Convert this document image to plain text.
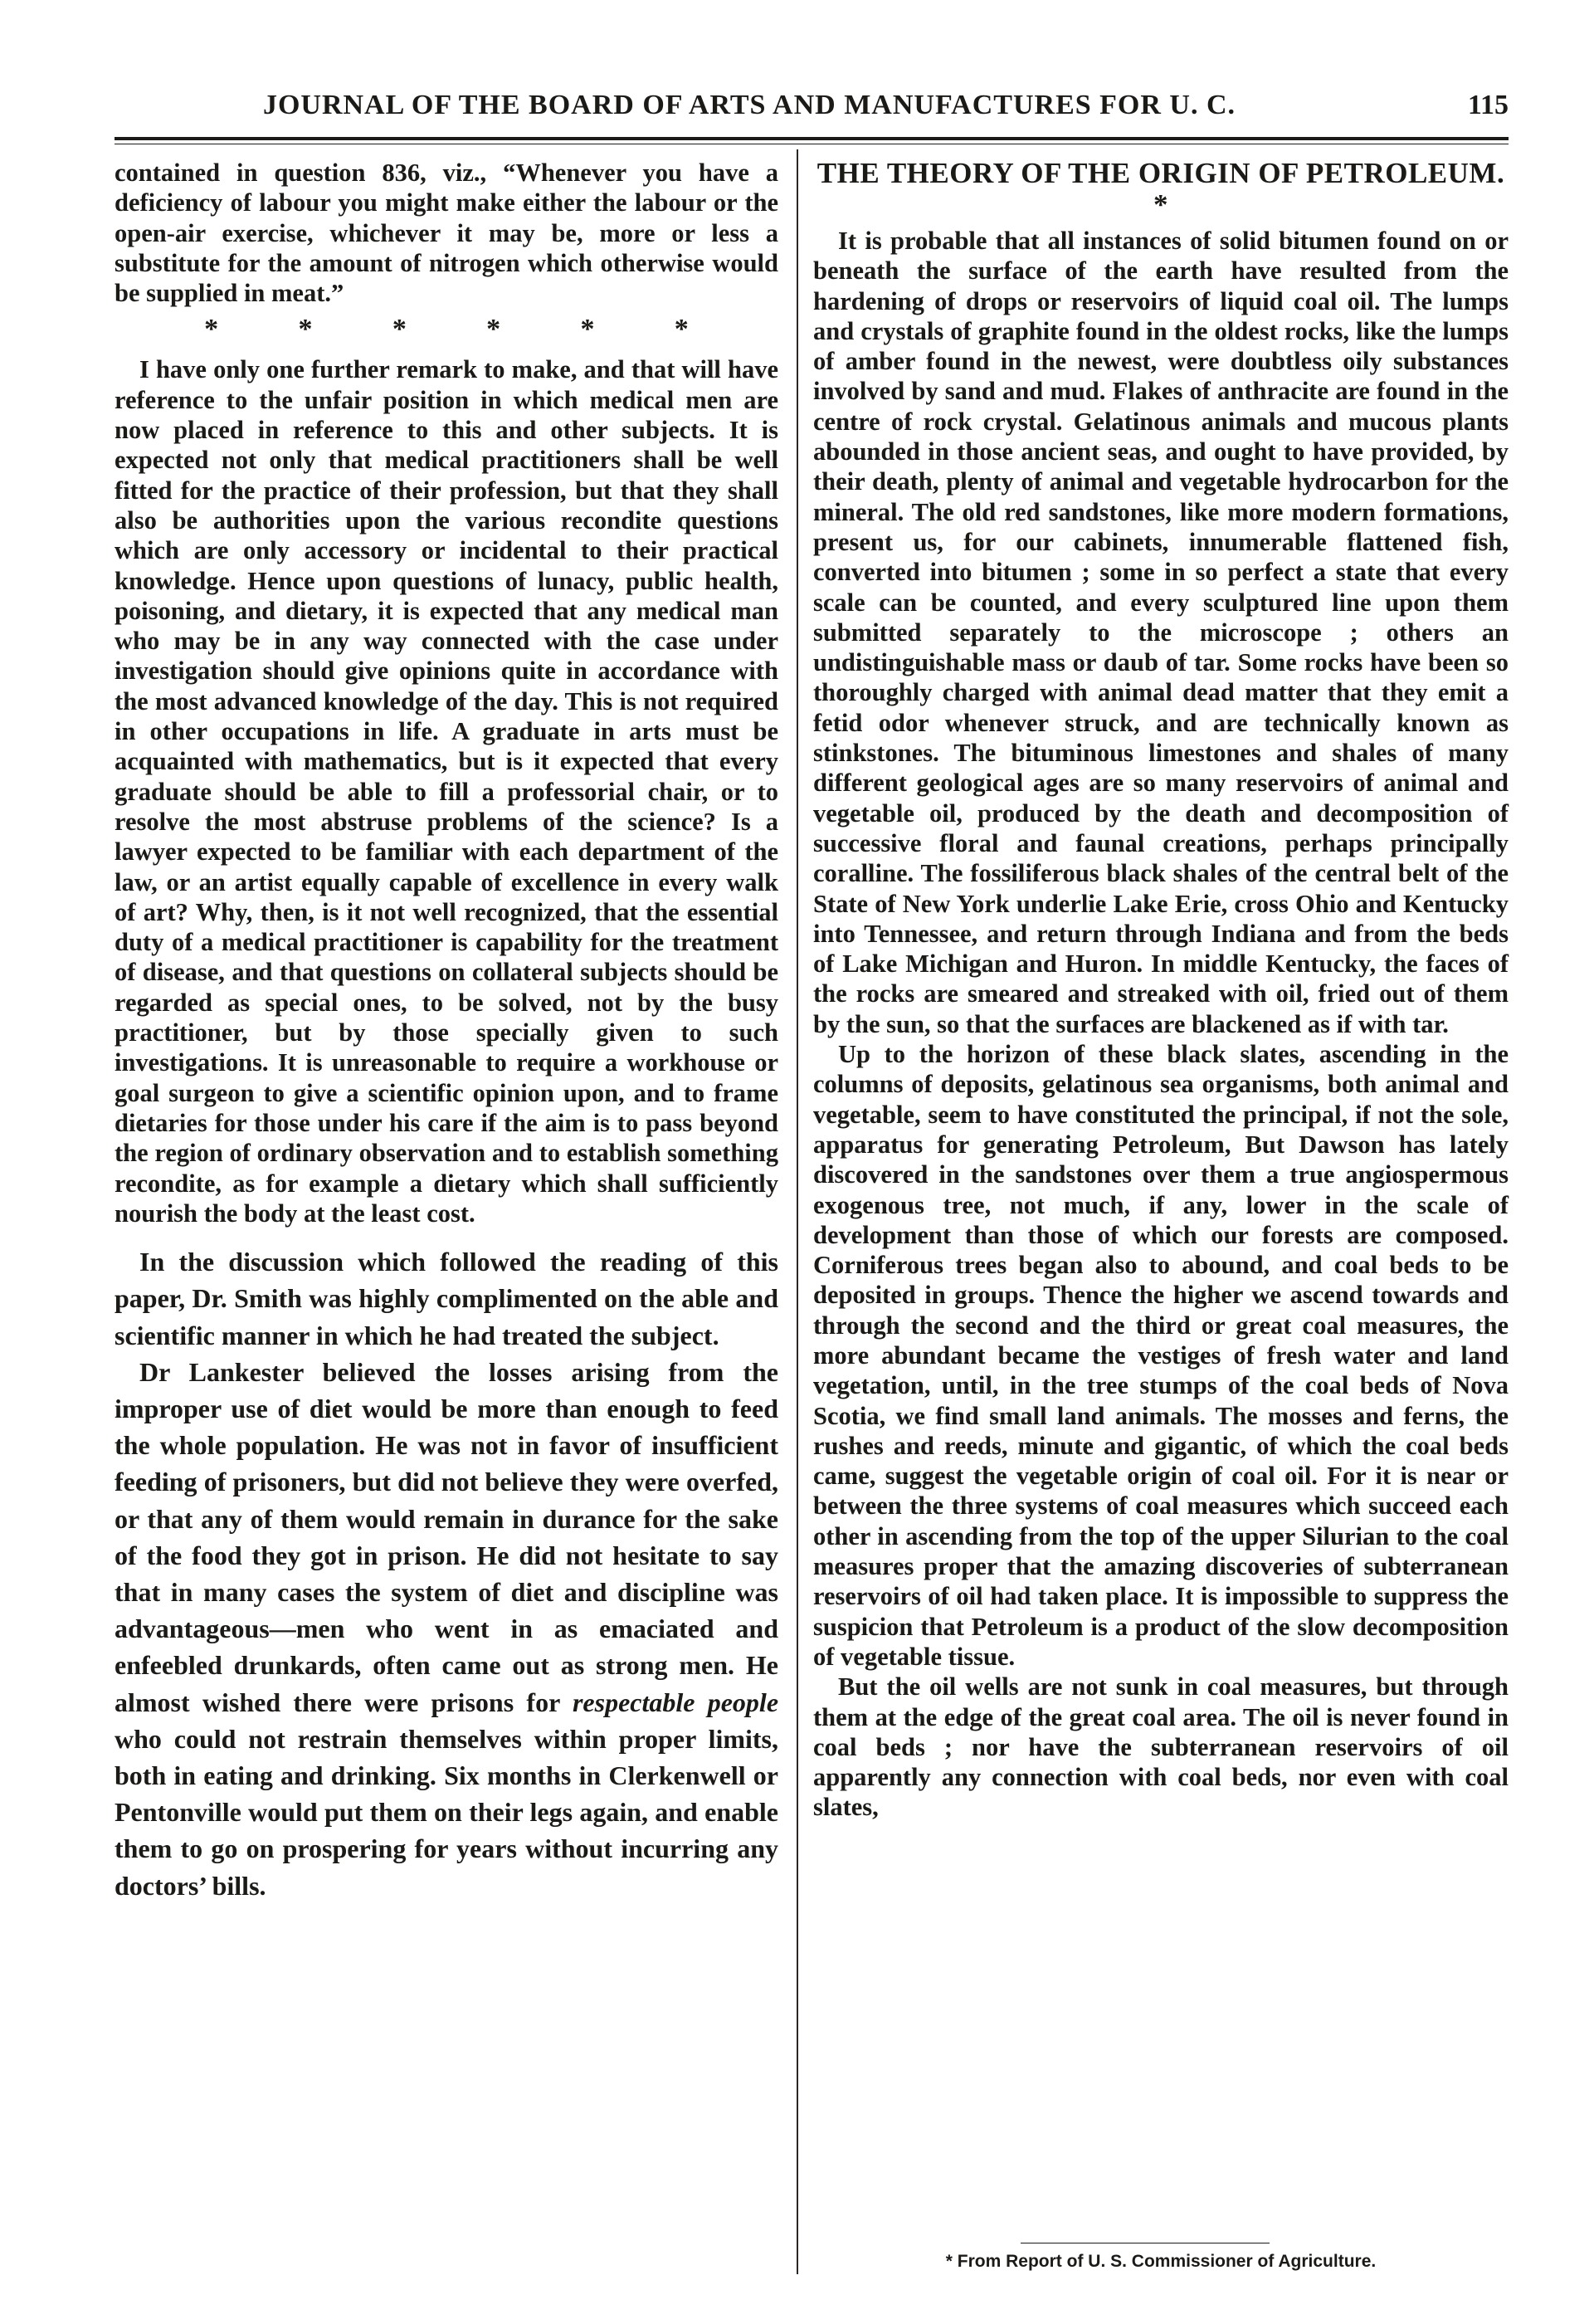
JOURNAL OF THE BOARD OF ARTS AND MANUFACTURES FOR U. C.	115

contained in question 836, viz., “Whenever you have a deficiency of labour you might make either the labour or the open-air exercise, whichever it may be, more or less a substitute for the amount of nitrogen which otherwise would be supplied in meat.”

*	*	*	*	*	*

I have only one further remark to make, and that will have reference to the unfair position in which medical men are now placed in reference to this and other subjects. It is expected not only that medical practitioners shall be well fitted for the practice of their profession, but that they shall also be authorities upon the various recondite questions which are only accessory or incidental to their practical knowledge. Hence upon questions of lunacy, public health, poisoning, and dietary, it is expected that any medical man who may be in any way connected with the case under investigation should give opinions quite in accordance with the most advanced knowledge of the day. This is not required in other occupations in life. A graduate in arts must be acquainted with mathematics, but is it expected that every graduate should be able to fill a professorial chair, or to resolve the most abstruse problems of the science? Is a lawyer expected to be familiar with each department of the law, or an artist equally capable of excellence in every walk of art? Why, then, is it not well recognized, that the essential duty of a medical practitioner is capability for the treatment of disease, and that questions on collateral subjects should be regarded as special ones, to be solved, not by the busy practitioner, but by those specially given to such investigations. It is unreasonable to require a workhouse or goal surgeon to give a scientific opinion upon, and to frame dietaries for those under his care if the aim is to pass beyond the region of ordinary observation and to establish something recondite, as for example a dietary which shall sufficiently nourish the body at the least cost.

In the discussion which followed the reading of this paper, Dr. Smith was highly complimented on the able and scientific manner in which he had treated the subject.

Dr Lankester believed the losses arising from the improper use of diet would be more than enough to feed the whole population. He was not in favor of insufficient feeding of prisoners, but did not believe they were overfed, or that any of them would remain in durance for the sake of the food they got in prison. He did not hesitate to say that in many cases the system of diet and discipline was advantageous—men who went in as emaciated and enfeebled drunkards, often came out as strong men. He almost wished there were prisons for respectable people who could not restrain themselves within proper limits, both in eating and drinking. Six months in Clerkenwell or Pentonville would put them on their legs again, and enable them to go on prospering for years without incurring any doctors’ bills.

THE THEORY OF THE ORIGIN OF PETROLEUM. *

It is probable that all instances of solid bitumen found on or beneath the surface of the earth have resulted from the hardening of drops or reservoirs of liquid coal oil. The lumps and crystals of graphite found in the oldest rocks, like the lumps of amber found in the newest, were doubtless oily substances involved by sand and mud. Flakes of anthracite are found in the centre of rock crystal. Gelatinous animals and mucous plants abounded in those ancient seas, and ought to have provided, by their death, plenty of animal and vegetable hydrocarbon for the mineral. The old red sandstones, like more modern formations, present us, for our cabinets, innumerable flattened fish, converted into bitumen ; some in so perfect a state that every scale can be counted, and every sculptured line upon them submitted separately to the microscope ; others an undistinguishable mass or daub of tar. Some rocks have been so thoroughly charged with animal dead matter that they emit a fetid odor whenever struck, and are technically known as stinkstones. The bituminous limestones and shales of many different geological ages are so many reservoirs of animal and vegetable oil, produced by the death and decomposition of successive floral and faunal creations, perhaps principally coralline. The fossiliferous black shales of the central belt of the State of New York underlie Lake Erie, cross Ohio and Kentucky into Tennessee, and return through Indiana and from the beds of Lake Michigan and Huron. In middle Kentucky, the faces of the rocks are smeared and streaked with oil, fried out of them by the sun, so that the surfaces are blackened as if with tar.

Up to the horizon of these black slates, ascending in the columns of deposits, gelatinous sea organisms, both animal and vegetable, seem to have constituted the principal, if not the sole, apparatus for generating Petroleum, But Dawson has lately discovered in the sandstones over them a true angiospermous exogenous tree, not much, if any, lower in the scale of development than those of which our forests are composed. Corniferous trees began also to abound, and coal beds to be deposited in groups. Thence the higher we ascend towards and through the second and the third or great coal measures, the more abundant became the vestiges of fresh water and land vegetation, until, in the tree stumps of the coal beds of Nova Scotia, we find small land animals. The mosses and ferns, the rushes and reeds, minute and gigantic, of which the coal beds came, suggest the vegetable origin of coal oil. For it is near or between the three systems of coal measures which succeed each other in ascending from the top of the upper Silurian to the coal measures proper that the amazing discoveries of subterranean reservoirs of oil had taken place. It is impossible to suppress the suspicion that Petroleum is a product of the slow decomposition of vegetable tissue.

But the oil wells are not sunk in coal measures, but through them at the edge of the great coal area. The oil is never found in coal beds ; nor have the subterranean reservoirs of oil apparently any connection with coal beds, nor even with coal slates,

* From Report of U. S. Commissioner of Agriculture.
